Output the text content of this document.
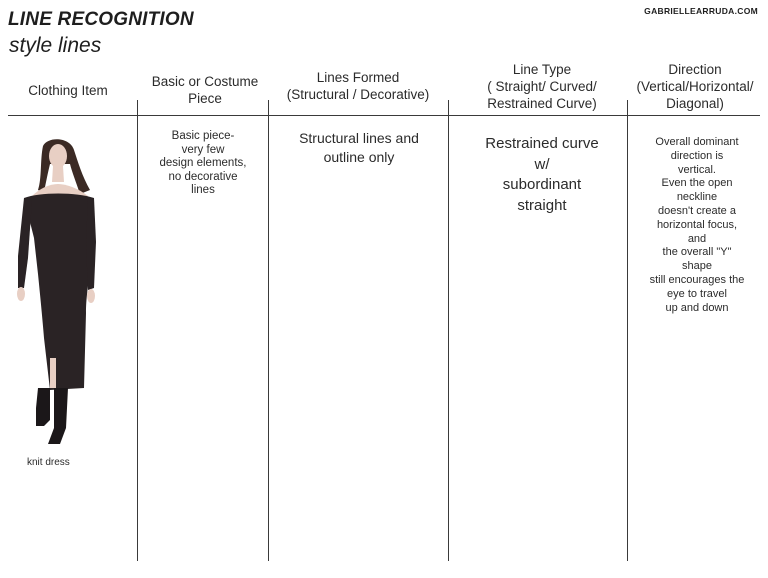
LINE RECOGNITION
style lines
GABRIELLEARRUDA.COM
Clothing Item
Basic or Costume
Piece
Lines Formed
(Structural / Decorative)
Line Type
( Straight/ Curved/
Restrained Curve)
Direction
(Vertical/Horizontal/
Diagonal)
knit dress
Basic piece-
very few
design elements,
no decorative
lines
Structural lines and
outline only
Restrained curve
w/
subordinant
straight
Overall dominant
direction is
vertical.
Even the open
neckline
doesn't create a
horizontal focus,
and
the overall "Y"
shape
still encourages the
eye to travel
up and down
